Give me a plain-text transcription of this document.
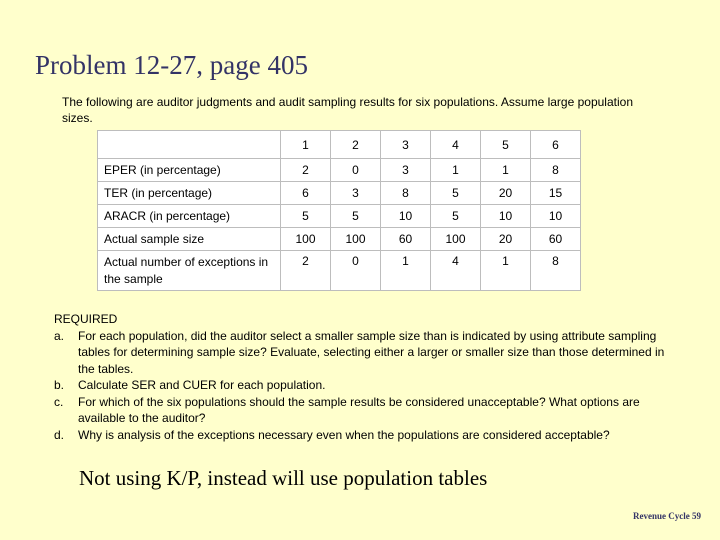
Problem 12-27, page 405
The following are auditor judgments and audit sampling results for six populations. Assume large population sizes.
	1	2	3	4	5	6
EPER (in percentage)	2	0	3	1	1	8
TER (in percentage)	6	3	8	5	20	15
ARACR (in percentage)	5	5	10	5	10	10
Actual sample size	100	100	60	100	20	60
Actual number of exceptions in the sample	2	0	1	4	1	8
REQUIRED
a.	For each population, did the auditor select a smaller sample size than is indicated by using attribute sampling tables for determining sample size? Evaluate, selecting either a larger or smaller size than those determined in the tables.
b.	Calculate SER and CUER for each population.
c.	For which of the six populations should the sample results be considered unacceptable? What options are available to the auditor?
d.	Why is analysis of the exceptions necessary even when the populations are considered acceptable?
Not using K/P, instead will use population tables
Revenue Cycle 59
